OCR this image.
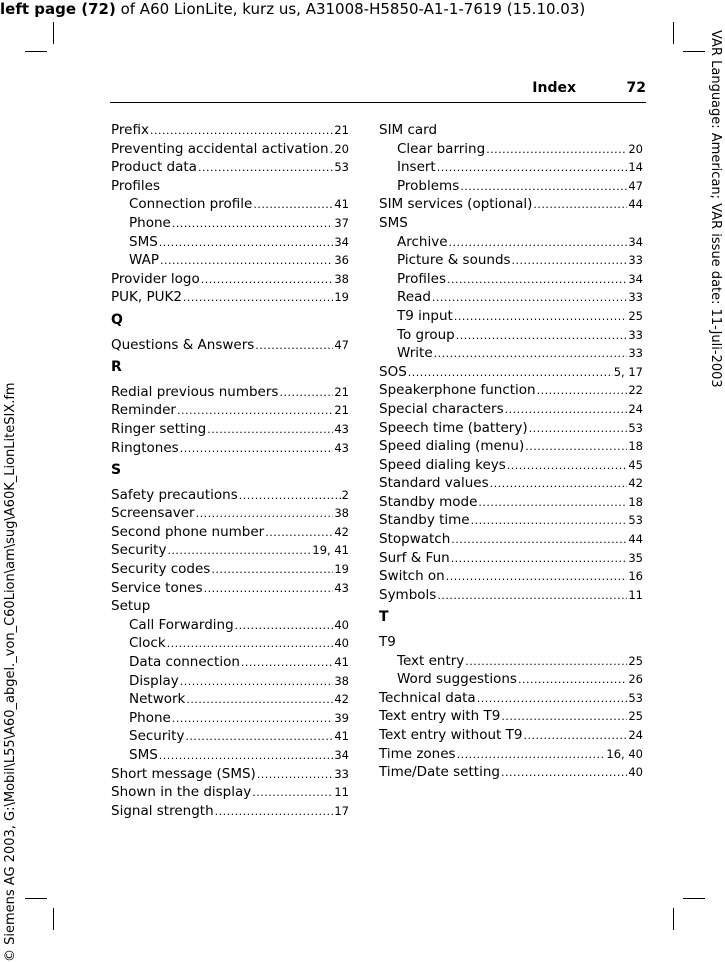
left page (72) of A60 LionLite, kurz us, A31008-H5850-A1-1-7619 (15.10.03)
VAR Language: American; VAR issue date: 11-Juli-2003
© Siemens AG 2003, G:\Mobil\L55\A60_abgel._von_C60Lion\am\sug\A60K_LionLiteSIX.fm
Index	72
Prefix .....	21
Preventing accidental activation ..... 20
Product data .....	53
Profiles
Connection profile .....	41
Phone .....	37
SMS .....	34
WAP .....	36
Provider logo .....	38
PUK, PUK2 .....	19
Q
Questions & Answers .....	47
R
Redial previous numbers .....	21
Reminder .....	21
Ringer setting .....	43
Ringtones .....	43
S
Safety precautions .....	2
Screensaver .....	38
Second phone number .....	42
Security .....	19, 41
Security codes .....	19
Service tones .....	43
Setup
Call Forwarding .....	40
Clock .....	40
Data connection .....	41
Display .....	38
Network .....	42
Phone .....	39
Security .....	41
SMS .....	34
Short message (SMS) .....	33
Shown in the display .....	11
Signal strength .....	17
SIM card
Clear barring .....	20
Insert .....	14
Problems .....	47
SIM services (optional) .....	44
SMS
Archive .....	34
Picture & sounds .....	33
Profiles .....	34
Read .....	33
T9 input .....	25
To group .....	33
Write .....	33
SOS .....	5, 17
Speakerphone function .....	22
Special characters .....	24
Speech time (battery) .....	53
Speed dialing (menu) .....	18
Speed dialing keys .....	45
Standard values .....	42
Standby mode .....	18
Standby time .....	53
Stopwatch .....	44
Surf & Fun .....	35
Switch on .....	16
Symbols .....	11
T
T9
Text entry .....	25
Word suggestions .....	26
Technical data .....	53
Text entry with T9 .....	25
Text entry without T9 .....	24
Time zones .....	16, 40
Time/Date setting .....	40
